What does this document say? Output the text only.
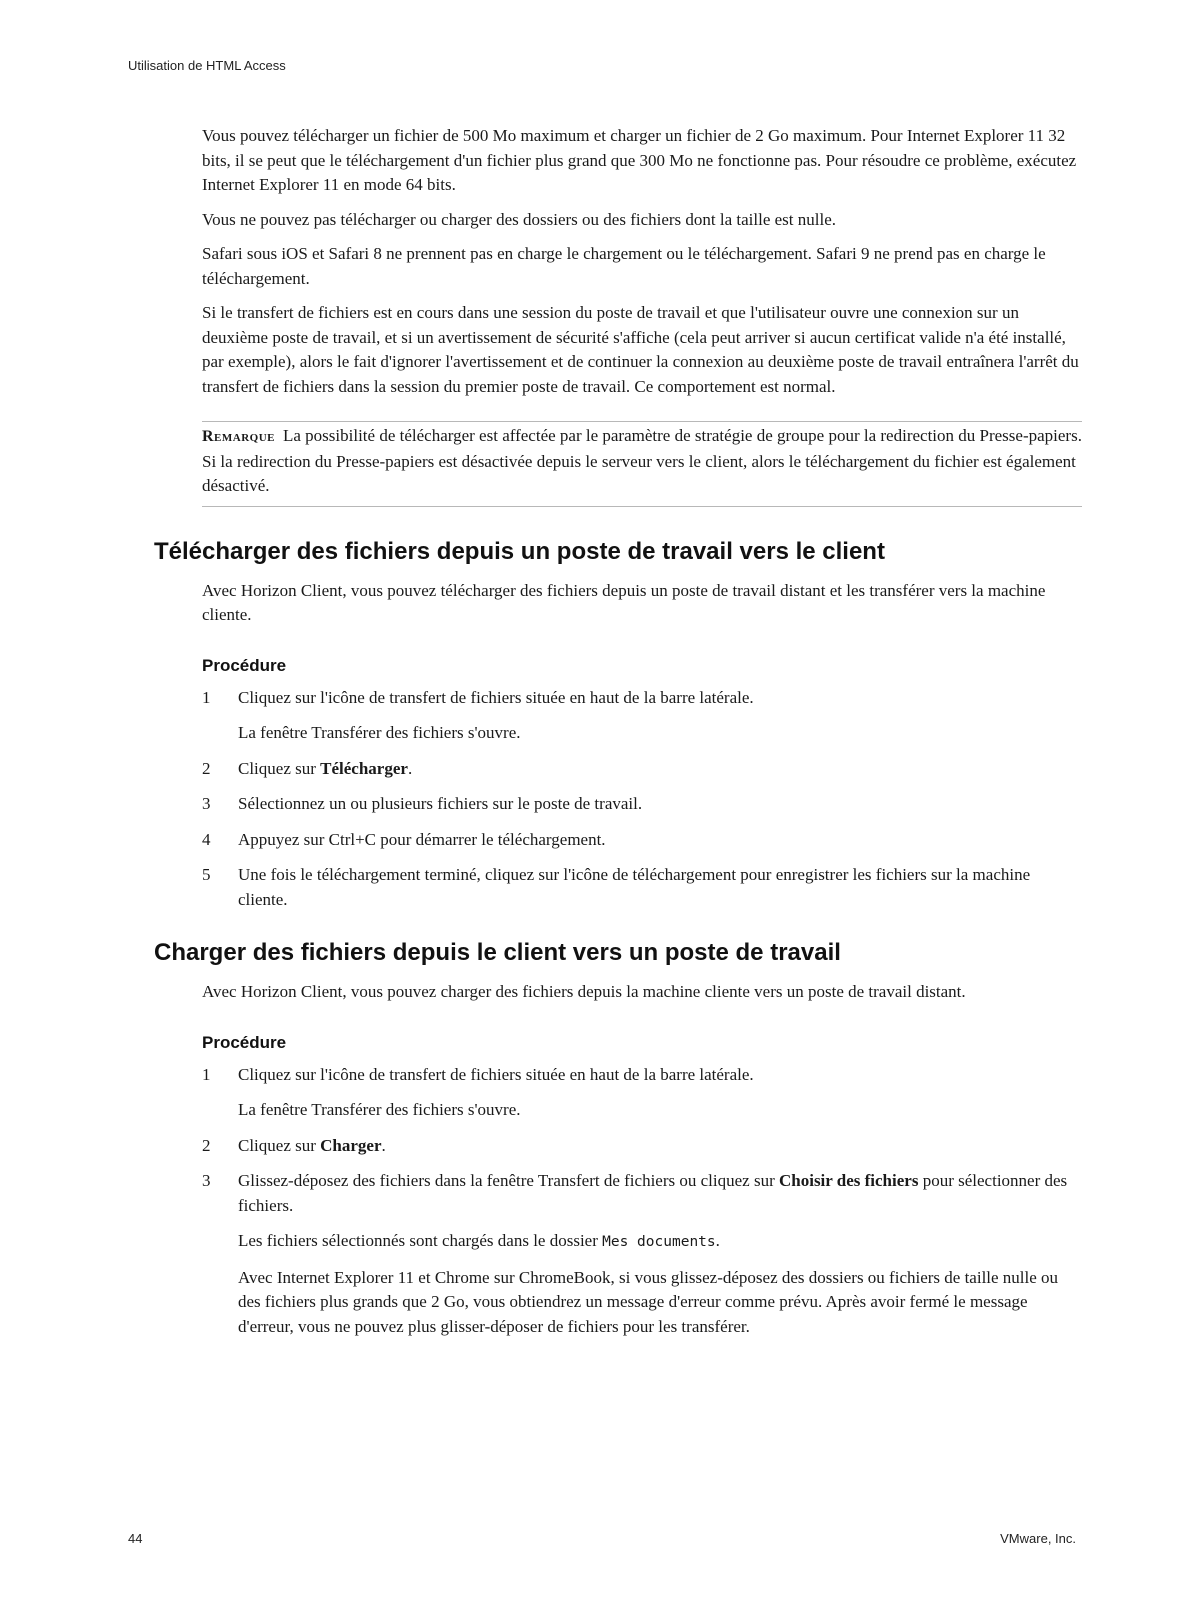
Utilisation de HTML Access

Vous pouvez télécharger un fichier de 500 Mo maximum et charger un fichier de 2 Go maximum. Pour Internet Explorer 11 32 bits, il se peut que le téléchargement d'un fichier plus grand que 300 Mo ne fonctionne pas. Pour résoudre ce problème, exécutez Internet Explorer 11 en mode 64 bits.

Vous ne pouvez pas télécharger ou charger des dossiers ou des fichiers dont la taille est nulle.

Safari sous iOS et Safari 8 ne prennent pas en charge le chargement ou le téléchargement. Safari 9 ne prend pas en charge le téléchargement.

Si le transfert de fichiers est en cours dans une session du poste de travail et que l'utilisateur ouvre une connexion sur un deuxième poste de travail, et si un avertissement de sécurité s'affiche (cela peut arriver si aucun certificat valide n'a été installé, par exemple), alors le fait d'ignorer l'avertissement et de continuer la connexion au deuxième poste de travail entraînera l'arrêt du transfert de fichiers dans la session du premier poste de travail. Ce comportement est normal.

Remarque La possibilité de télécharger est affectée par le paramètre de stratégie de groupe pour la redirection du Presse-papiers. Si la redirection du Presse-papiers est désactivée depuis le serveur vers le client, alors le téléchargement du fichier est également désactivé.
Télécharger des fichiers depuis un poste de travail vers le client

Avec Horizon Client, vous pouvez télécharger des fichiers depuis un poste de travail distant et les transférer vers la machine cliente.

Procédure
1 Cliquez sur l'icône de transfert de fichiers située en haut de la barre latérale.
La fenêtre Transférer des fichiers s'ouvre.
2 Cliquez sur Télécharger.
3 Sélectionnez un ou plusieurs fichiers sur le poste de travail.
4 Appuyez sur Ctrl+C pour démarrer le téléchargement.
5 Une fois le téléchargement terminé, cliquez sur l'icône de téléchargement pour enregistrer les fichiers sur la machine cliente.
Charger des fichiers depuis le client vers un poste de travail

Avec Horizon Client, vous pouvez charger des fichiers depuis la machine cliente vers un poste de travail distant.

Procédure
1 Cliquez sur l'icône de transfert de fichiers située en haut de la barre latérale.
La fenêtre Transférer des fichiers s'ouvre.
2 Cliquez sur Charger.
3 Glissez-déposez des fichiers dans la fenêtre Transfert de fichiers ou cliquez sur Choisir des fichiers pour sélectionner des fichiers.
Les fichiers sélectionnés sont chargés dans le dossier Mes documents.
Avec Internet Explorer 11 et Chrome sur ChromeBook, si vous glissez-déposez des dossiers ou fichiers de taille nulle ou des fichiers plus grands que 2 Go, vous obtiendrez un message d'erreur comme prévu. Après avoir fermé le message d'erreur, vous ne pouvez plus glisser-déposer de fichiers pour les transférer.
44	VMware, Inc.
